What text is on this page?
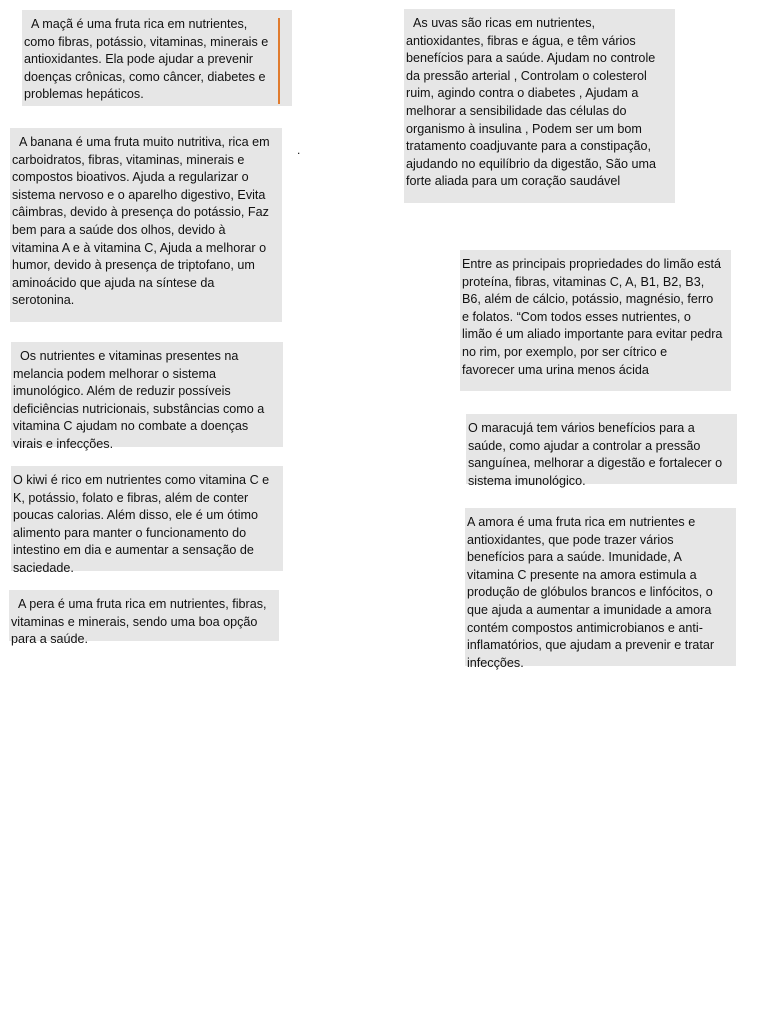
A maçã é uma fruta rica em nutrientes, como fibras, potássio, vitaminas, minerais e antioxidantes. Ela pode ajudar a prevenir doenças crônicas, como câncer, diabetes e problemas hepáticos.
A banana é uma fruta muito nutritiva, rica em carboidratos, fibras, vitaminas, minerais e compostos bioativos. Ajuda a regularizar o sistema nervoso e o aparelho digestivo, Evita câimbras, devido à presença do potássio, Faz bem para a saúde dos olhos, devido à vitamina A e à vitamina C, Ajuda a melhorar o humor, devido à presença de triptofano, um aminoácido que ajuda na síntese da serotonina.
Os nutrientes e vitaminas presentes na melancia podem melhorar o sistema imunológico. Além de reduzir possíveis deficiências nutricionais, substâncias como a vitamina C ajudam no combate a doenças virais e infecções.
O kiwi é rico em nutrientes como vitamina C e K, potássio, folato e fibras, além de conter poucas calorias. Além disso, ele é um ótimo alimento para manter o funcionamento do intestino em dia e aumentar a sensação de saciedade.
A pera é uma fruta rica em nutrientes, fibras, vitaminas e minerais, sendo uma boa opção para a saúde.
.
As uvas são ricas em nutrientes, antioxidantes, fibras e água, e têm vários benefícios para a saúde. Ajudam no controle da pressão arterial , Controlam o colesterol ruim, agindo contra o diabetes , Ajudam a melhorar a sensibilidade das células do organismo à insulina , Podem ser um bom tratamento coadjuvante para a constipação, ajudando no equilíbrio da digestão, São uma forte aliada para um coração saudável
Entre as principais propriedades do limão está proteína, fibras, vitaminas C, A, B1, B2, B3, B6, além de cálcio, potássio, magnésio, ferro e folatos. “Com todos esses nutrientes, o limão é um aliado importante para evitar pedra no rim, por exemplo, por ser cítrico e favorecer uma urina menos ácida
O maracujá tem vários benefícios para a saúde, como ajudar a controlar a pressão sanguínea, melhorar a digestão e fortalecer o sistema imunológico.
A amora é uma fruta rica em nutrientes e antioxidantes, que pode trazer vários benefícios para a saúde. Imunidade, A vitamina C presente na amora estimula a produção de glóbulos brancos e linfócitos, o que ajuda a aumentar a imunidade a amora contém compostos antimicrobianos e anti-inflamatórios, que ajudam a prevenir e tratar infecções.
